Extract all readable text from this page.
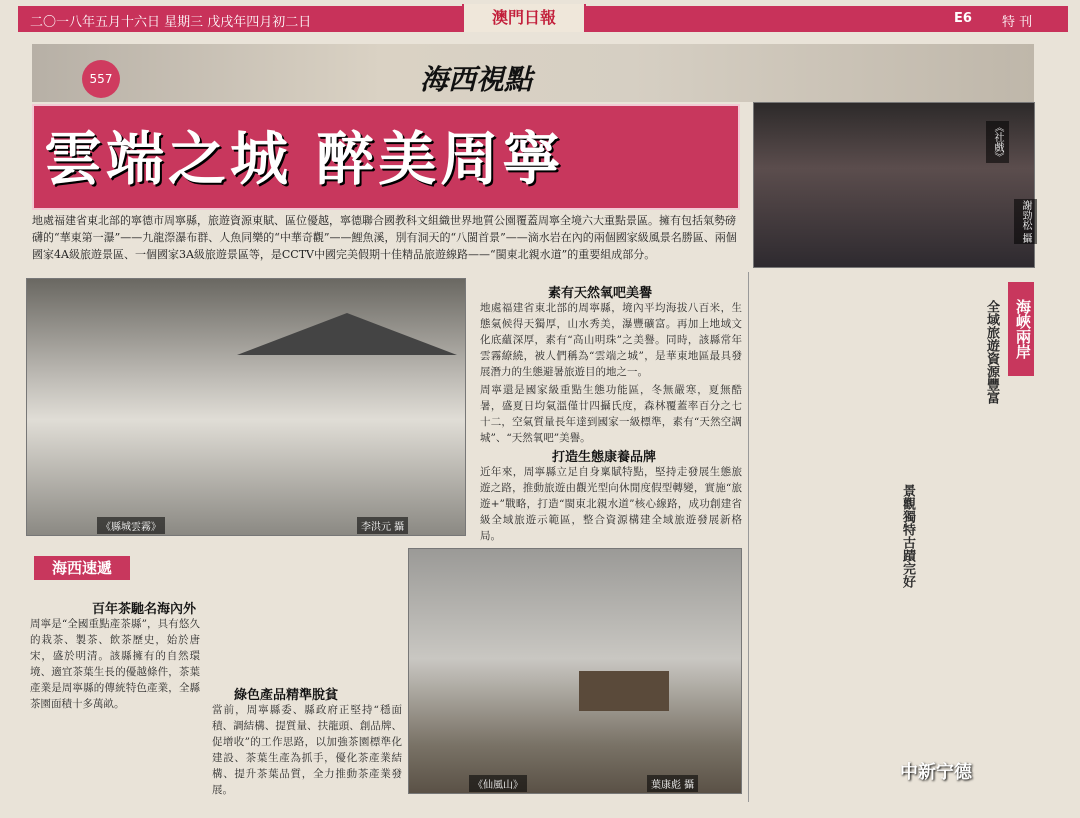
二〇一八年五月十六日 星期三 戊戌年四月初二日	E6 特 刊
澳門日報
557	海西視點
雲端之城 醉美周寧
地處福建省東北部的寧德市周寧縣，旅遊資源東賦、區位優越，寧德聯合國教科文組織世界地質公園覆蓋周寧全境六大重點景區。擁有包括氣勢磅礴的“華東第一瀑”——九龍漈瀑布群、人魚同樂的“中華奇觀”——鯉魚溪，別有洞天的“八閩首景”——滴水岩在內的兩個國家級風景名勝區、兩個國家4A級旅遊景區、一個國家3A級旅遊景區等，是CCTV中國完美假期十佳精品旅遊線路——“閩東北親水道”的重要組成部分。
《社戲》
謝勁松 攝
《縣城雲霧》	李洪元 攝
素有天然氧吧美譽
地處福建省東北部的周寧縣，境內平均海拔八百米，生態氣候得天獨厚，山水秀美，瀑豐礦富。再加上地域文化底蘊深厚，素有“高山明珠”之美譽。同時，該縣常年雲霧繚繞，被人們稱為“雲端之城”，是華東地區最具發展潛力的生態避暑旅遊目的地之一。
周寧還是國家級重點生態功能區，冬無嚴寒，夏無酷暑，盛夏日均氣溫僅廿四攝氏度，森林覆蓋率百分之七十二，空氣質量長年達到國家一級標準，素有“天然空調城”、“天然氧吧”美譽。
打造生態康養品牌
近年來，周寧縣立足自身稟賦特點，堅持走發展生態旅遊之路，推動旅遊由觀光型向休閒度假型轉變，實施“旅遊+”戰略，打造“閩東北親水道”核心線路，成功創建省級全域旅遊示範區，整合資源構建全域旅遊發展新格局。
海峽兩岸
全域旅遊資源豐富
景觀獨特古蹟完好
海西速遞
百年茶馳名海內外
周寧是“全國重點產茶縣”，具有悠久的栽茶、製茶、飲茶歷史，始於唐宋，盛於明清。該縣擁有的自然環境、適宜茶葉生長的優越條件，茶葉產業是周寧縣的傳統特色產業，全縣茶園面積十多萬畝。
綠色產品精準脫貧
當前，周寧縣委、縣政府正堅持“穩面積、調結構、提質量、扶龍頭、創品牌、促增收”的工作思路，以加強茶園標準化建設、茶葉生產為抓手，優化茶產業結構、提升茶葉品質，全力推動茶產業發展。	《仙風山》	葉康彪 攝
中新宁德
